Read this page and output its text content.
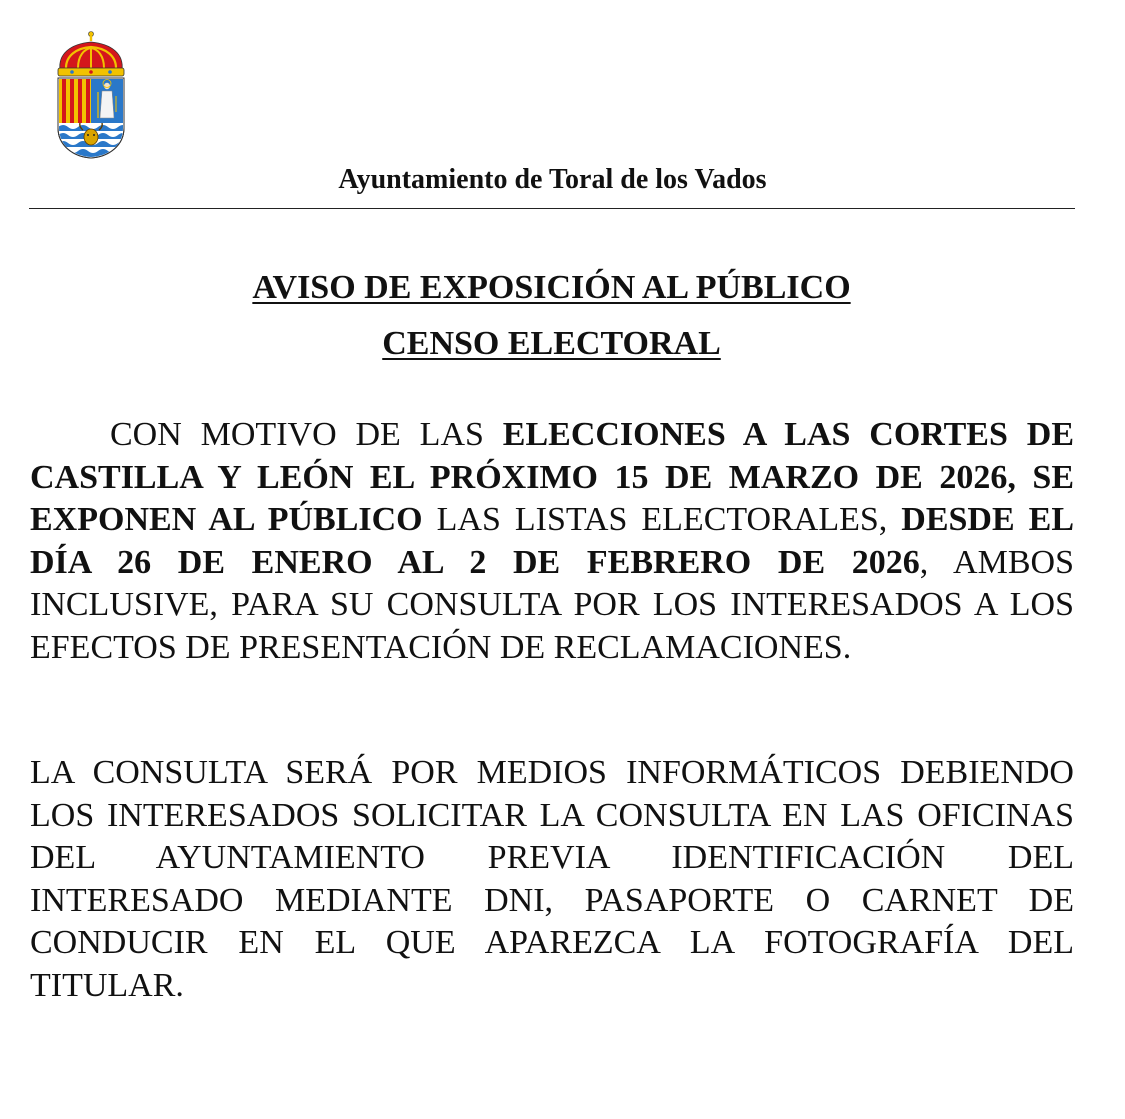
Ayuntamiento de Toral de los Vados

AVISO DE EXPOSICIÓN AL PÚBLICO
CENSO ELECTORAL

CON MOTIVO DE LAS ELECCIONES A LAS CORTES DE CASTILLA Y LEÓN EL PRÓXIMO 15 DE MARZO DE 2026, SE EXPONEN AL PÚBLICO LAS LISTAS ELECTORALES, DESDE EL DÍA 26 DE ENERO AL 2 DE FEBRERO DE 2026, AMBOS INCLUSIVE, PARA SU CONSULTA POR LOS INTERESADOS A LOS EFECTOS DE PRESENTACIÓN DE RECLAMACIONES.

LA CONSULTA SERÁ POR MEDIOS INFORMÁTICOS DEBIENDO LOS INTERESADOS SOLICITAR LA CONSULTA EN LAS OFICINAS DEL AYUNTAMIENTO PREVIA IDENTIFICACIÓN DEL INTERESADO MEDIANTE DNI, PASAPORTE O CARNET DE CONDUCIR EN EL QUE APAREZCA LA FOTOGRAFÍA DEL TITULAR.
